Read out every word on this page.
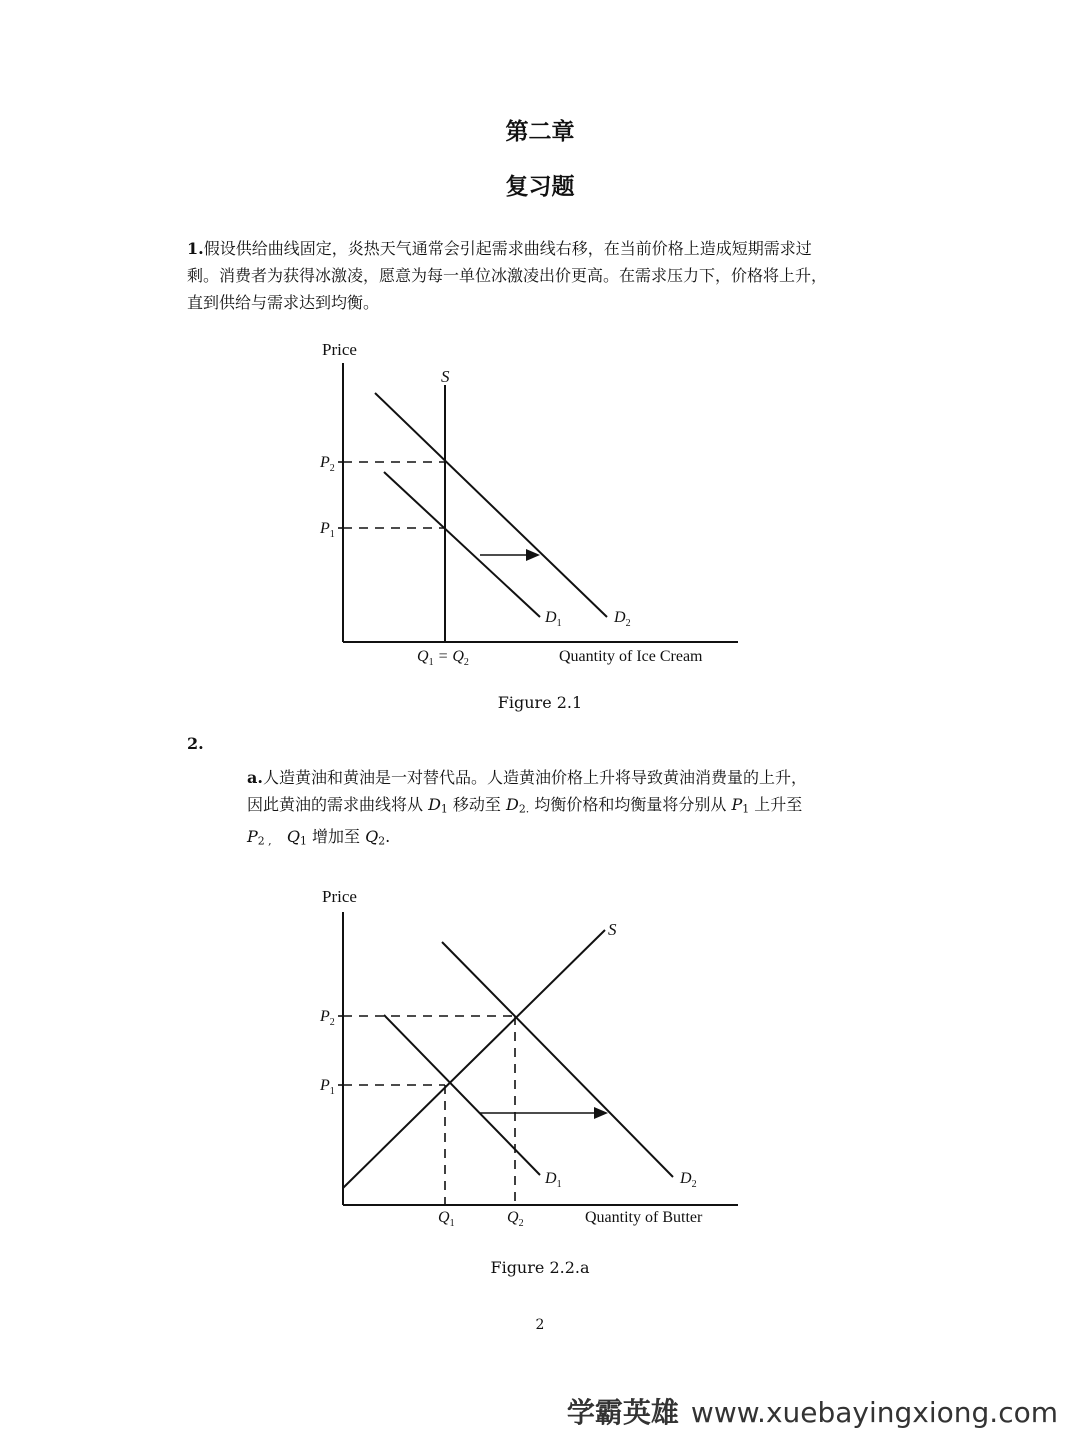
第二章
复习题
1.假设供给曲线固定，炎热天气通常会引起需求曲线右移，在当前价格上造成短期需求过
剩。消费者为获得冰激凌，愿意为每一单位冰激凌出价更高。在需求压力下，价格将上升，
直到供给与需求达到均衡。
Price
S
$P_2$
$P_1$
$D_1$	$D_2$
$Q_1 = Q_2$	Quantity of Ice Cream
Figure 2.1
2.
a.人造黄油和黄油是一对替代品。人造黄油价格上升将导致黄油消费量的上升，
因此黄油的需求曲线将从 $D_1$ 移动至 $D_{2.}$ 均衡价格和均衡量将分别从 $P_1$ 上升至
$P_{2 ,}$ $Q_1$ 增加至 $Q_2$.
Price
S
$P_2$
$P_1$
$D_1$	$D_2$
$Q_1$	$Q_2$	Quantity of Butter
Figure 2.2.a
2
学霸英雄 www.xuebayingxiong.com
